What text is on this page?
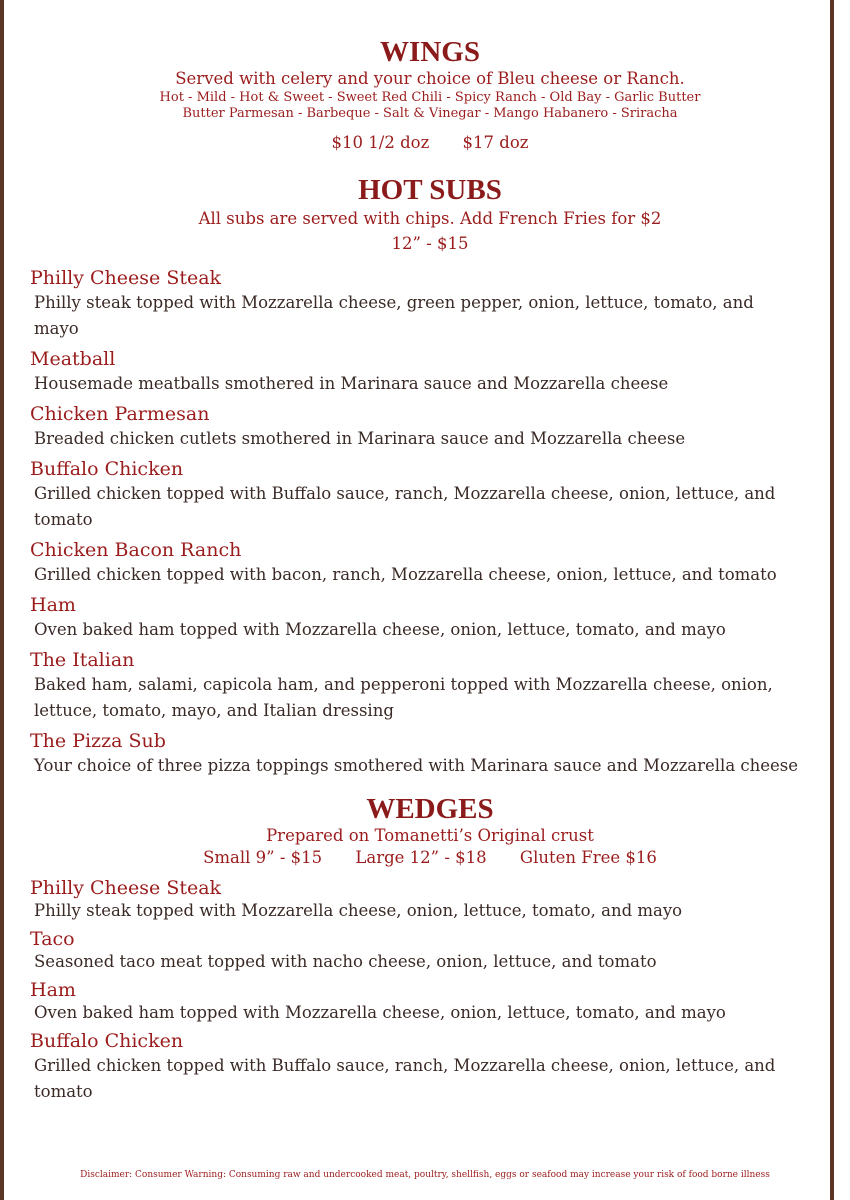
WINGS
Served with celery and your choice of Bleu cheese or Ranch.
Hot - Mild - Hot & Sweet - Sweet Red Chili - Spicy Ranch - Old Bay - Garlic Butter
Butter Parmesan - Barbeque - Salt & Vinegar - Mango Habanero - Sriracha
$10 1/2 doz $17 doz
HOT SUBS
All subs are served with chips. Add French Fries for $2
12” - $15
Philly Cheese Steak
Philly steak topped with Mozzarella cheese, green pepper, onion, lettuce, tomato, and mayo
Meatball
Housemade meatballs smothered in Marinara sauce and Mozzarella cheese
Chicken Parmesan
Breaded chicken cutlets smothered in Marinara sauce and Mozzarella cheese
Buffalo Chicken
Grilled chicken topped with Buffalo sauce, ranch, Mozzarella cheese, onion, lettuce, and tomato
Chicken Bacon Ranch
Grilled chicken topped with bacon, ranch, Mozzarella cheese, onion, lettuce, and tomato
Ham
Oven baked ham topped with Mozzarella cheese, onion, lettuce, tomato, and mayo
The Italian
Baked ham, salami, capicola ham, and pepperoni topped with Mozzarella cheese, onion, lettuce, tomato, mayo, and Italian dressing
The Pizza Sub
Your choice of three pizza toppings smothered with Marinara sauce and Mozzarella cheese
WEDGES
Prepared on Tomanetti’s Original crust
Small 9” - $15 Large 12” - $18 Gluten Free $16
Philly Cheese Steak
Philly steak topped with Mozzarella cheese, onion, lettuce, tomato, and mayo
Taco
Seasoned taco meat topped with nacho cheese, onion, lettuce, and tomato
Ham
Oven baked ham topped with Mozzarella cheese, onion, lettuce, tomato, and mayo
Buffalo Chicken
Grilled chicken topped with Buffalo sauce, ranch, Mozzarella cheese, onion, lettuce, and tomato
Disclaimer: Consumer Warning: Consuming raw and undercooked meat, poultry, shellfish, eggs or seafood may increase your risk of food borne illness
